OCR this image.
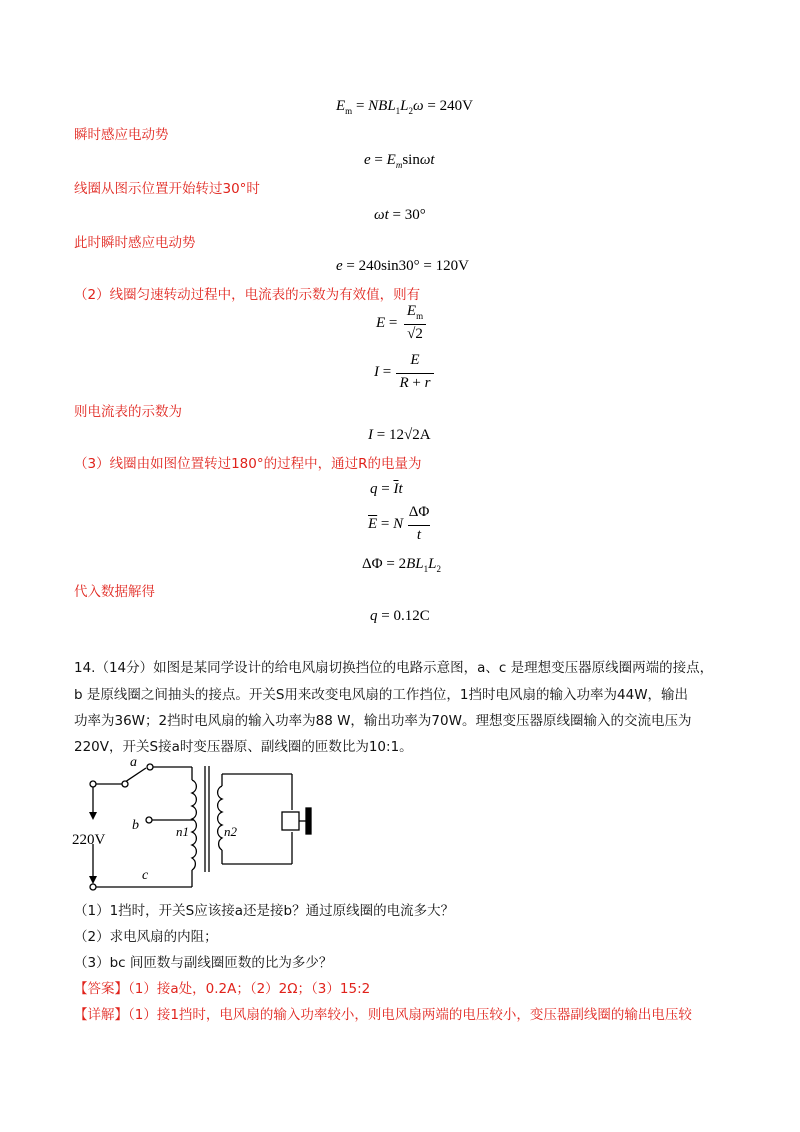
$E_m = NBL_1L_2\omega = 240V$
瞬时感应电动势
$e = E_m\sin\omega t$
线圈从图示位置开始转过30°时
ωt = 30°
此时瞬时感应电动势
e = 240sin30° = 120V
（2）线圈匀速转动过程中，电流表的示数为有效值，则有
E =
$E_m$
√2
I =
E
R + r
则电流表的示数为
I = 12√2A
（3）线圈由如图位置转过180°的过程中，通过R的电量为
$q = \overline{I}t$
$\overline{E} = N$
ΔΦ
t
$\Delta\Phi = 2BL_1L_2$
代入数据解得
q = 0.12C
14.（14分）如图是某同学设计的给电风扇切换挡位的电路示意图，a、c 是理想变压器原线圈两端的接点，
b 是原线圈之间抽头的接点。开关S用来改变电风扇的工作挡位，1挡时电风扇的输入功率为44W，输出
功率为36W；2挡时电风扇的输入功率为88 W，输出功率为70W。理想变压器原线圈输入的交流电压为
220V，开关S接a时变压器原、副线圈的匝数比为10:1。
a
b
c
n1	n2
220V
（1）1挡时，开关S应该接a还是接b？通过原线圈的电流多大？
（2）求电风扇的内阻；
（3）bc 间匝数与副线圈匝数的比为多少？
【答案】（1）接a处，0.2A；（2）2Ω；（3）15:2
【详解】（1）接1挡时，电风扇的输入功率较小，则电风扇两端的电压较小，变压器副线圈的输出电压较
